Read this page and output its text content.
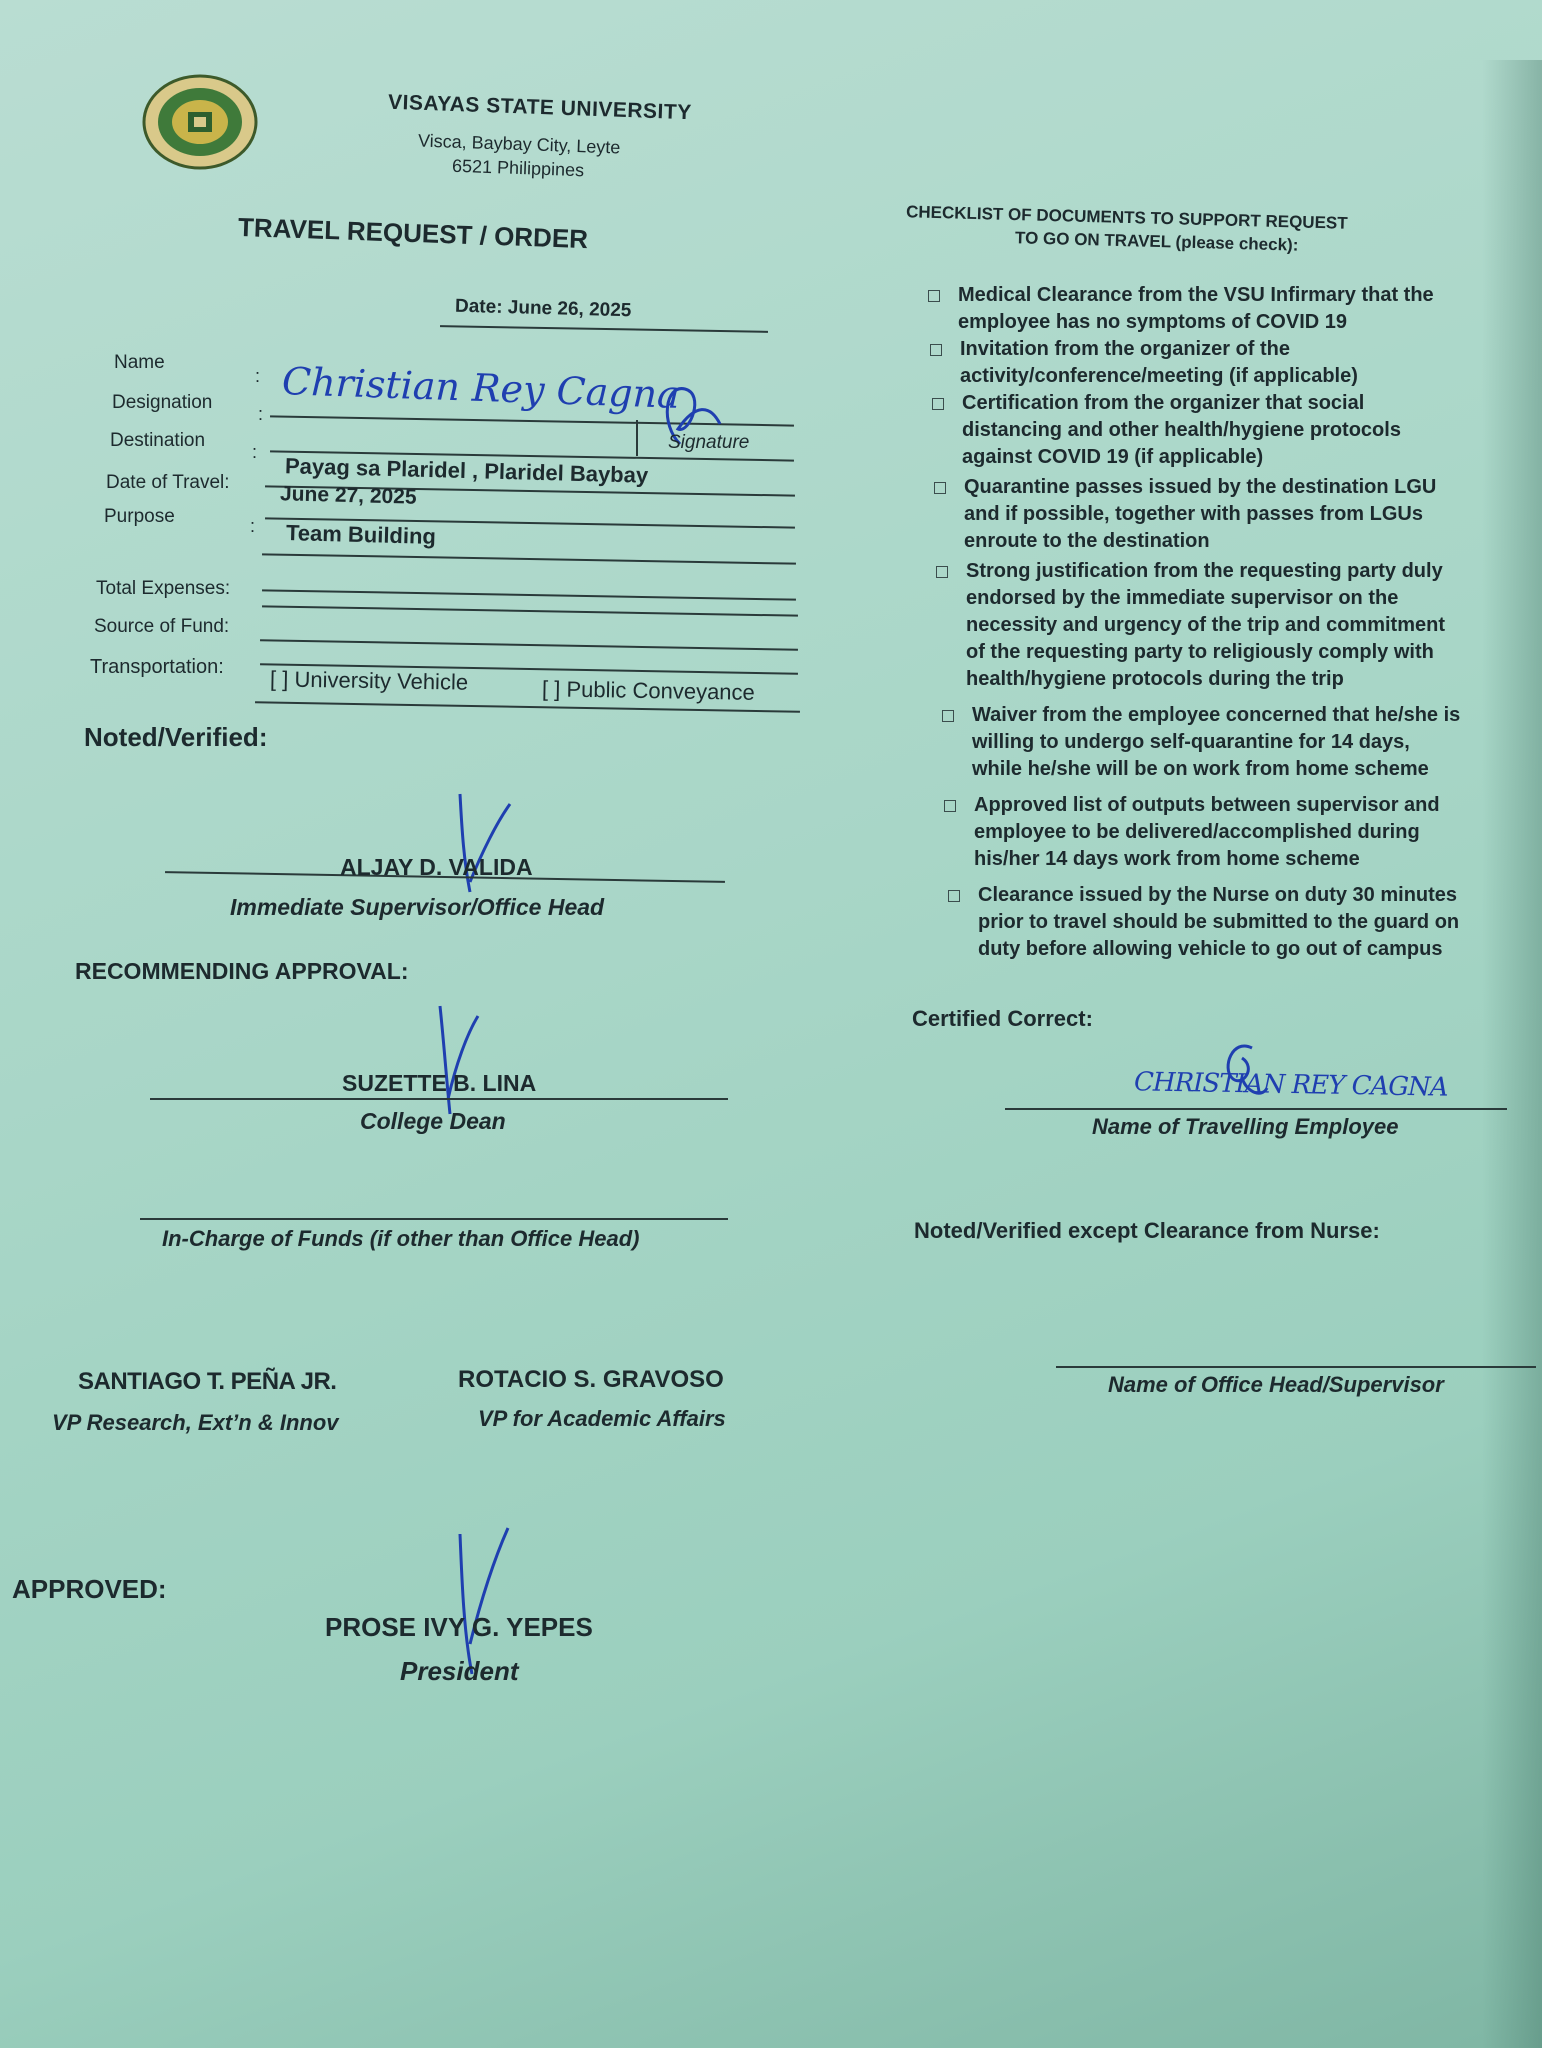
VISAYAS STATE UNIVERSITY
Visca, Baybay City, Leyte
6521 Philippines
TRAVEL REQUEST / ORDER
Date: June 26, 2025
Name
: Christian Rey Cagna
Designation
:
Signature
Destination
:
Payag sa Plaridel , Plaridel Baybay
Date of Travel: June 27, 2025
Purpose	: Team Building
Total Expenses:
Source of Fund:
Transportation: [ ] University Vehicle	[ ] Public Conveyance
Noted/Verified:
ALJAY D. VALIDA
Immediate Supervisor/Office Head
RECOMMENDING APPROVAL:
SUZETTE B. LINA
College Dean
In-Charge of Funds (if other than Office Head)
SANTIAGO T. PEÑA JR.
VP Research, Ext’n & Innov
ROTACIO S. GRAVOSO
VP for Academic Affairs
APPROVED:
PROSE IVY G. YEPES
President
CHECKLIST OF DOCUMENTS TO SUPPORT REQUEST
TO GO ON TRAVEL (please check):
Medical Clearance from the VSU Infirmary that the
employee has no symptoms of COVID 19
Invitation from the organizer of the
activity/conference/meeting (if applicable)
Certification from the organizer that social
distancing and other health/hygiene protocols
against COVID 19 (if applicable)
Quarantine passes issued by the destination LGU
and if possible, together with passes from LGUs
enroute to the destination
Strong justification from the requesting party duly
endorsed by the immediate supervisor on the
necessity and urgency of the trip and commitment
of the requesting party to religiously comply with
health/hygiene protocols during the trip
Waiver from the employee concerned that he/she is
willing to undergo self-quarantine for 14 days,
while he/she will be on work from home scheme
Approved list of outputs between supervisor and
employee to be delivered/accomplished during
his/her 14 days work from home scheme
Clearance issued by the Nurse on duty 30 minutes
prior to travel should be submitted to the guard on
duty before allowing vehicle to go out of campus
Certified Correct:
CHRISTIAN REY CAGNA
Name of Travelling Employee
Noted/Verified except Clearance from Nurse:
Name of Office Head/Supervisor
